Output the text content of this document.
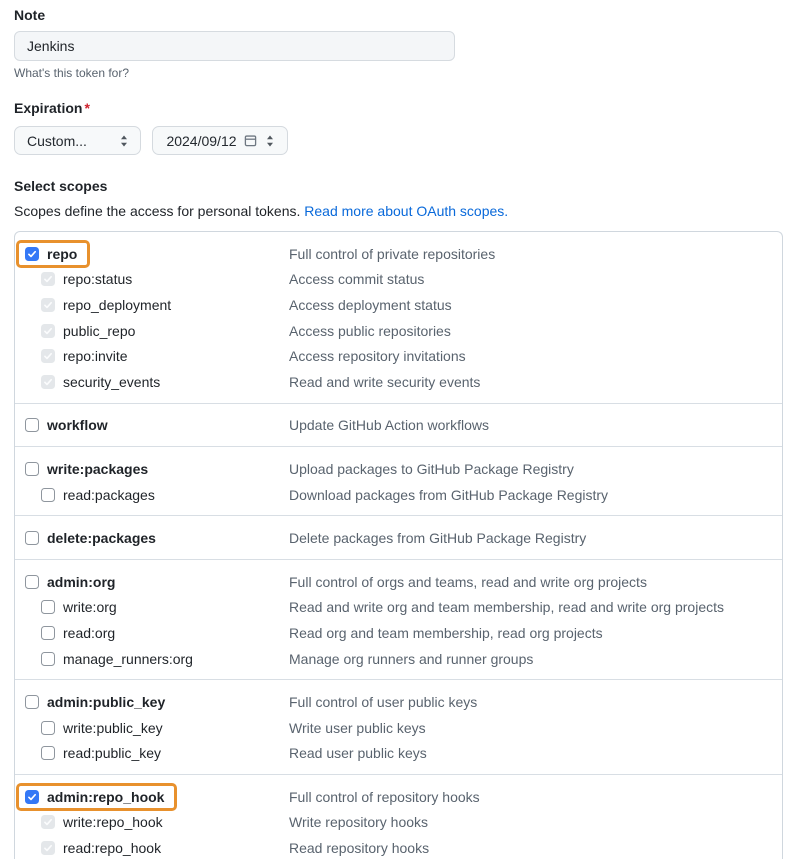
Note
Jenkins

What's this token for?

Expiration *
Custom...	2024/09/12
Select scopes

Scopes define the access for personal tokens. Read more about OAuth scopes.

repo	Full control of private repositories
repo:status	Access commit status
repo_deployment	Access deployment status
public_repo	Access public repositories
repo:invite	Access repository invitations
security_events	Read and write security events
workflow	Update GitHub Action workflows
write:packages	Upload packages to GitHub Package Registry
read:packages	Download packages from GitHub Package Registry
delete:packages	Delete packages from GitHub Package Registry
admin:org	Full control of orgs and teams, read and write org projects
write:org	Read and write org and team membership, read and write org projects
read:org	Read org and team membership, read org projects
manage_runners:org	Manage org runners and runner groups
admin:public_key	Full control of user public keys
write:public_key	Write user public keys
read:public_key	Read user public keys
admin:repo_hook	Full control of repository hooks
write:repo_hook	Write repository hooks
read:repo_hook	Read repository hooks
